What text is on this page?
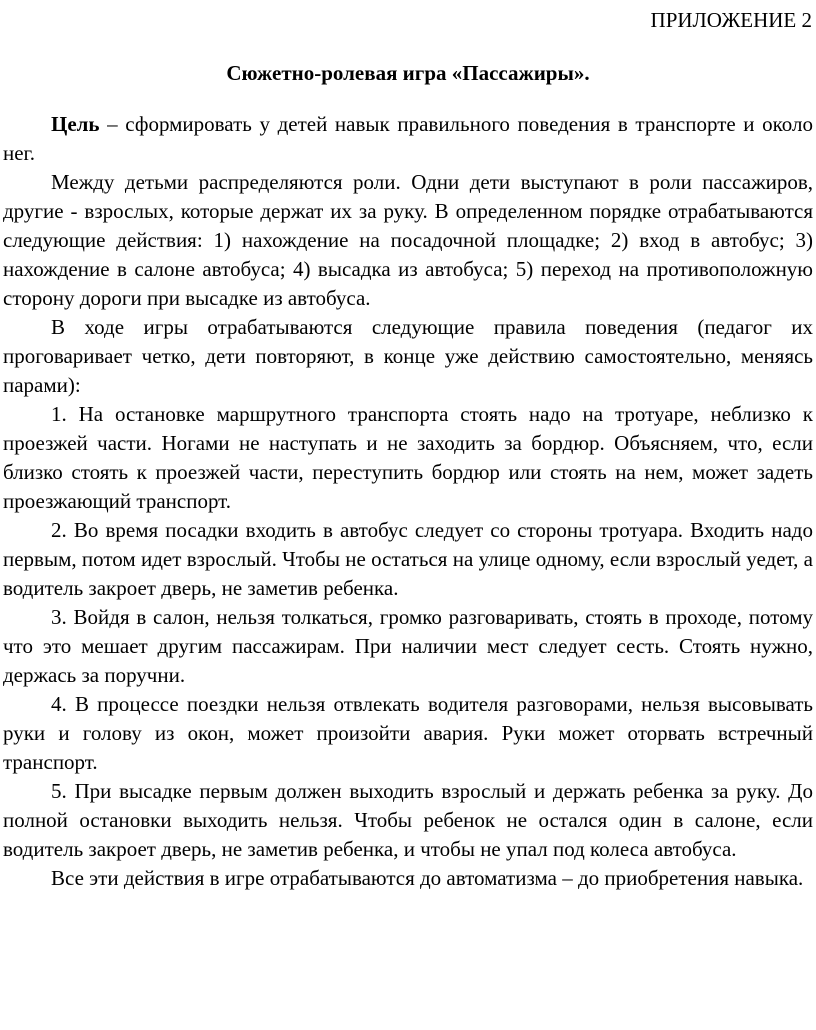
ПРИЛОЖЕНИЕ 2

Сюжетно-ролевая игра «Пассажиры».

Цель – сформировать у детей навык правильного поведения в транспорте и около нег.

Между детьми распределяются роли. Одни дети выступают в роли пассажиров, другие - взрослых, которые держат их за руку. В определенном порядке отрабатываются следующие действия: 1) нахождение на посадочной площадке; 2) вход в автобус; 3) нахождение в салоне автобуса; 4) высадка из автобуса; 5) переход на противоположную сторону дороги при высадке из автобуса.

В ходе игры отрабатываются следующие правила поведения (педагог их проговаривает четко, дети повторяют, в конце уже действию самостоятельно, меняясь парами):

1. На остановке маршрутного транспорта стоять надо на тротуаре, неблизко к проезжей части. Ногами не наступать и не заходить за бордюр. Объясняем, что, если близко стоять к проезжей части, переступить бордюр или стоять на нем, может задеть проезжающий транспорт.

2. Во время посадки входить в автобус следует со стороны тротуара. Входить надо первым, потом идет взрослый. Чтобы не остаться на улице одному, если взрослый уедет, а водитель закроет дверь, не заметив ребенка.

3. Войдя в салон, нельзя толкаться, громко разговаривать, стоять в проходе, потому что это мешает другим пассажирам. При наличии мест следует сесть. Стоять нужно, держась за поручни.

4. В процессе поездки нельзя отвлекать водителя разговорами, нельзя высовывать руки и голову из окон, может произойти авария. Руки может оторвать встречный транспорт.

5. При высадке первым должен выходить взрослый и держать ребенка за руку. До полной остановки выходить нельзя. Чтобы ребенок не остался один в салоне, если водитель закроет дверь, не заметив ребенка, и чтобы не упал под колеса автобуса.

Все эти действия в игре отрабатываются до автоматизма – до приобретения навыка.
